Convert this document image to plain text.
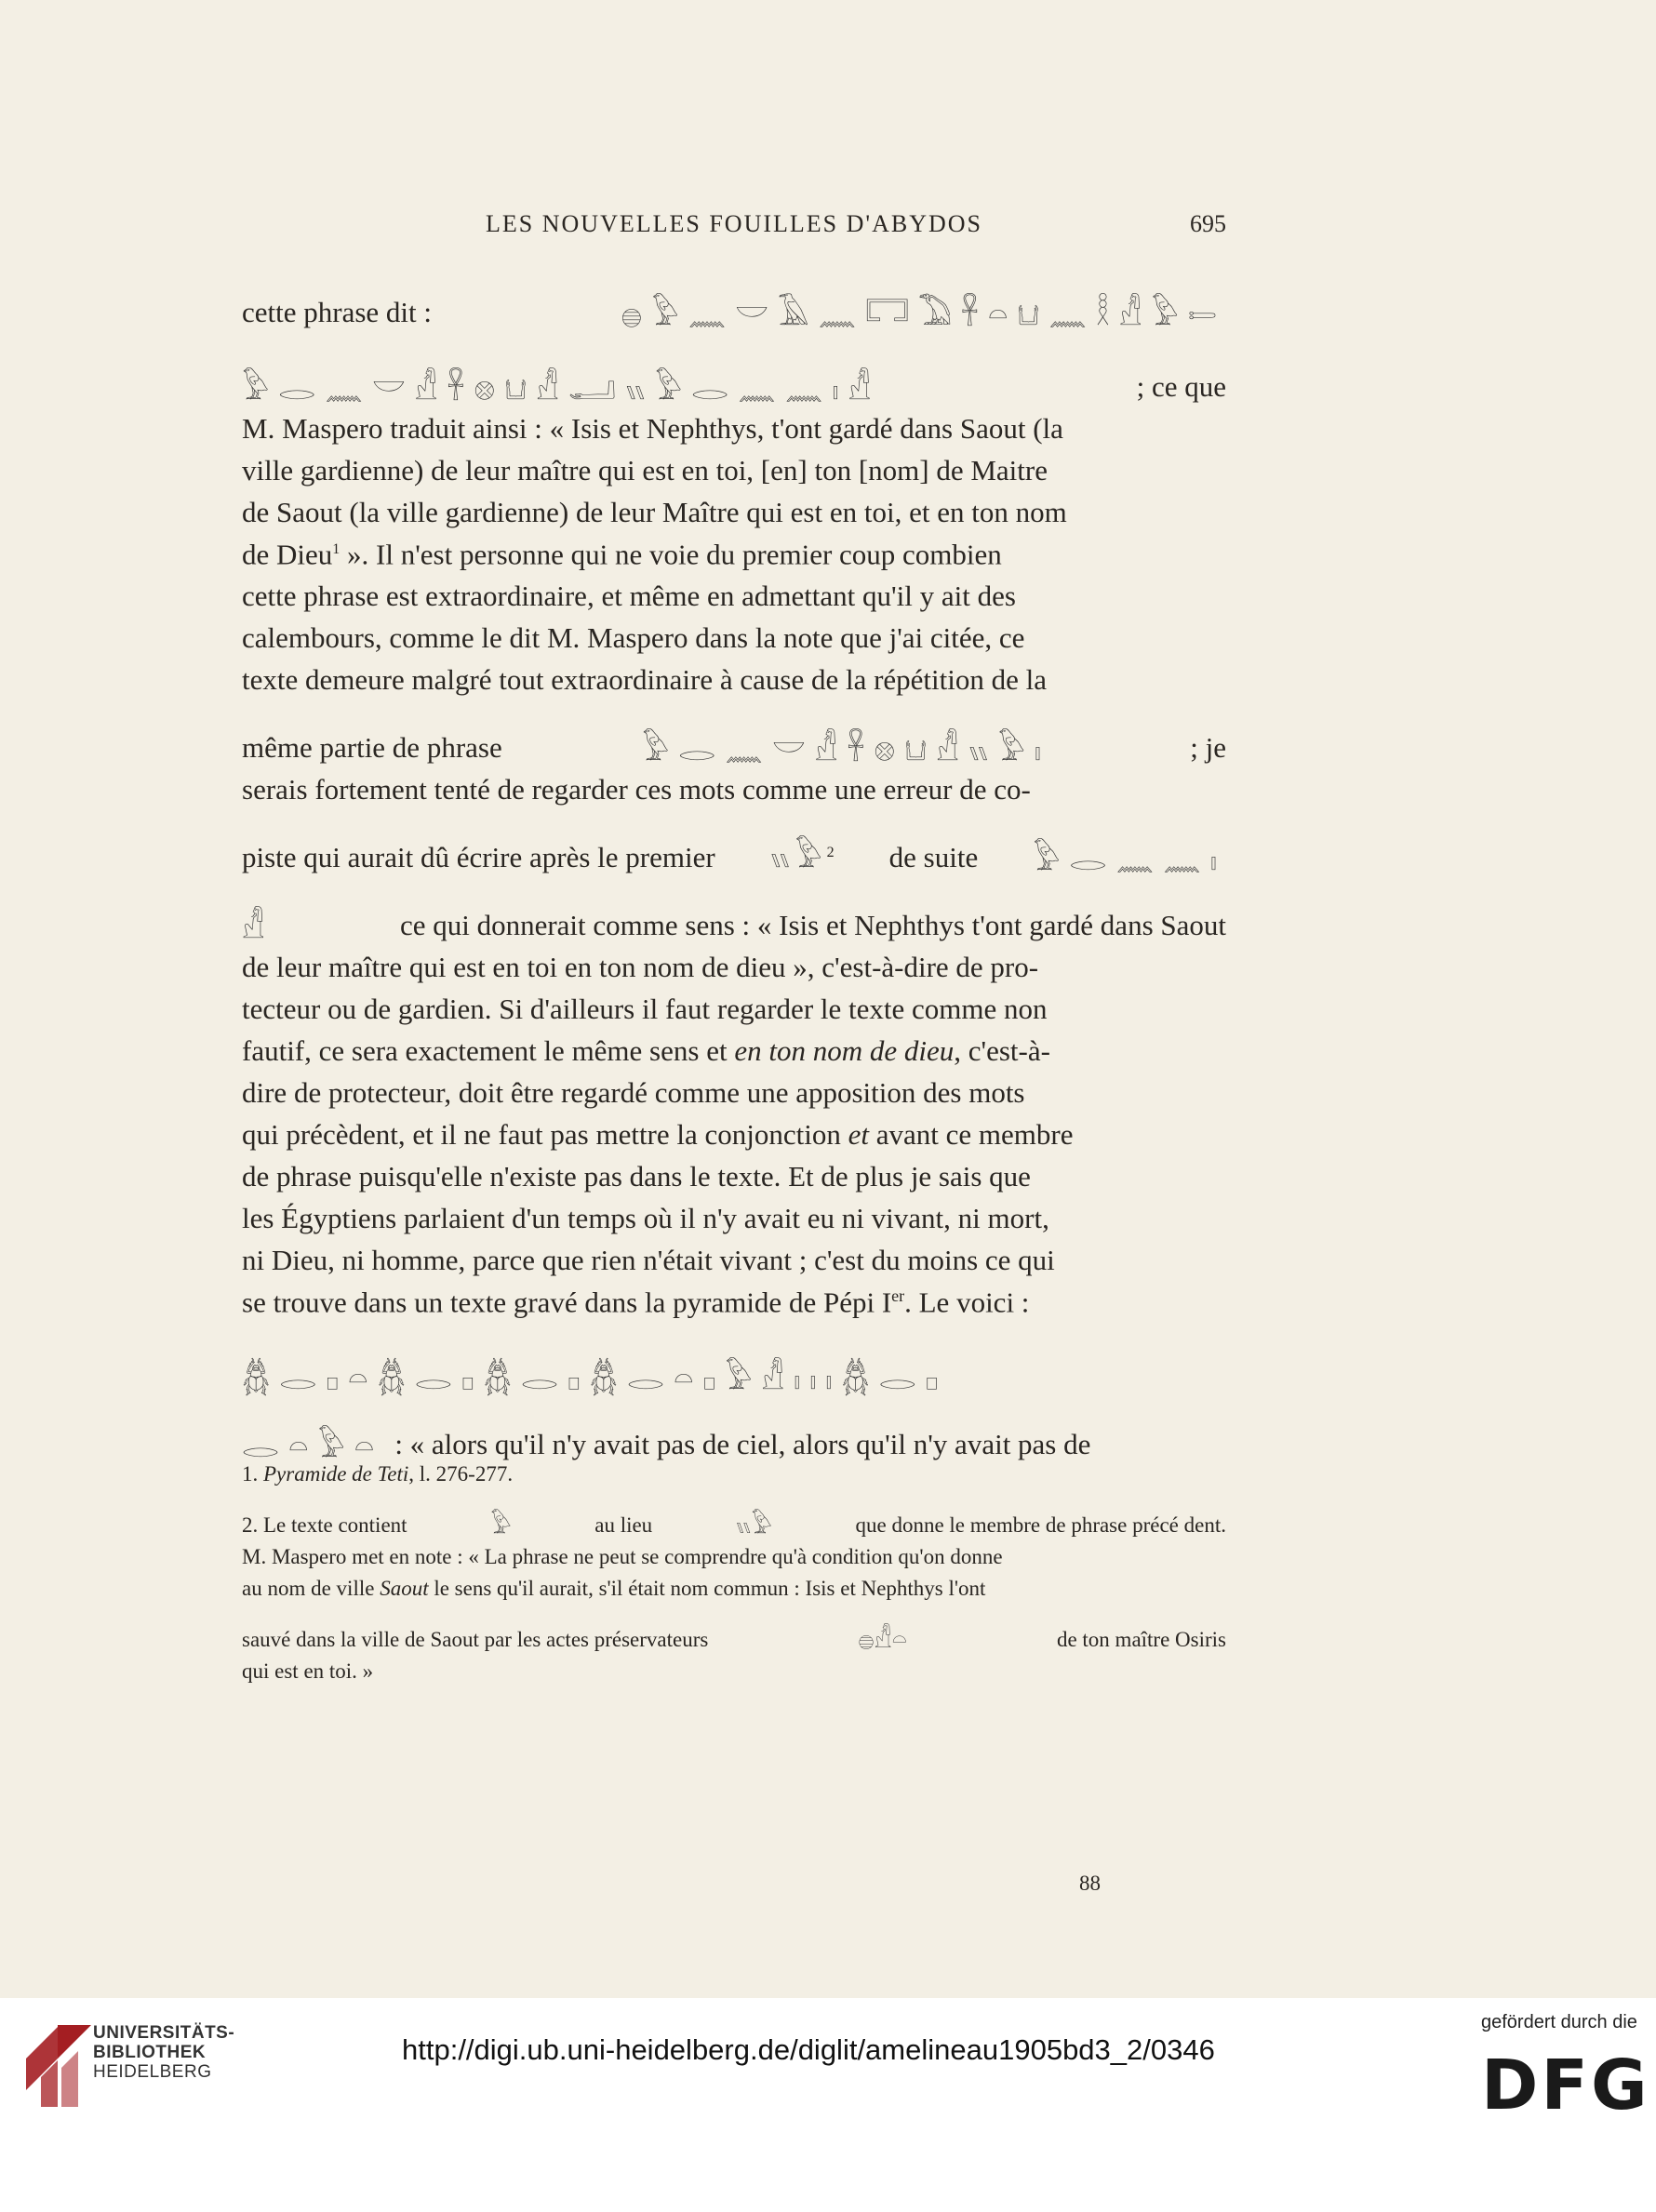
LES NOUVELLES FOUILLES D'ABYDOS	695
cette phrase dit :	𓐍𓅱𓈖𓎟𓄿𓈖𓉐𓅐𓋹𓏏𓂓𓈖𓎛𓀭𓅱𓍿
𓅱𓂋𓈖𓎟𓀭𓋹𓊖𓂓𓀭𓂝𓏭𓅱𓂋𓈖𓈖𓏤𓀭	; ce que
M. Maspero traduit ainsi : « Isis et Nephthys, t'ont gardé dans Saout (la
ville gardienne) de leur maître qui est en toi, [en] ton [nom] de Maitre
de Saout (la ville gardienne) de leur Maître qui est en toi, et en ton nom
de Dieu$^1$ ». Il n'est personne qui ne voie du premier coup combien
cette phrase est extraordinaire, et même en admettant qu'il y ait des
calembours, comme le dit M. Maspero dans la note que j'ai citée, ce
texte demeure malgré tout extraordinaire à cause de la répétition de la
même partie de phrase	𓅱𓂋𓈖𓎟𓀭𓋹𓊖𓂓𓀭𓏭𓅱𓏤	; je
serais fortement tenté de regarder ces mots comme une erreur de co-
piste qui aurait dû écrire après le premier 𓏭𓅱$^2$ de suite 𓅱𓂋𓈖𓈖𓏤
𓀭	ce qui donnerait comme sens : « Isis et Nephthys t'ont gardé dans Saout
de leur maître qui est en toi en ton nom de dieu », c'est-à-dire de pro-
tecteur ou de gardien. Si d'ailleurs il faut regarder le texte comme non
fautif, ce sera exactement le même sens et en ton nom de dieu, c'est-à-
dire de protecteur, doit être regardé comme une apposition des mots
qui précèdent, et il ne faut pas mettre la conjonction et avant ce membre
de phrase puisqu'elle n'existe pas dans le texte. Et de plus je sais que
les Égyptiens parlaient d'un temps où il n'y avait eu ni vivant, ni mort,
ni Dieu, ni homme, parce que rien n'était vivant ; c'est du moins ce qui
se trouve dans un texte gravé dans la pyramide de Pépi Ier. Le voici :
𓆣𓂋𓊪𓏏𓆣𓂋𓊪𓆣𓂋𓊪𓆣𓂋𓏏𓊪𓅱𓀭𓏤𓏤𓏤𓆣𓂋𓊪
𓂋𓏏𓅱𓏏 : « alors qu'il n'y avait pas de ciel, alors qu'il n'y avait pas de
1. Pyramide de Teti, l. 276-277.
2. Le texte contient	𓅱	au lieu	𓏭𓅱	que donne le membre de phrase précé dent.
M. Maspero met en note : « La phrase ne peut se comprendre qu'à condition qu'on donne
au nom de ville Saout le sens qu'il aurait, s'il était nom commun : Isis et Nephthys l'ont
sauvé dans la ville de Saout par les actes préservateurs	𓐍𓀭𓏏	de ton maître Osiris
qui est en toi. »
88
UNIVERSITÄTS-
BIBLIOTHEK
HEIDELBERG
http://digi.ub.uni-heidelberg.de/diglit/amelineau1905bd3_2/0346
gefördert durch die
DFG
